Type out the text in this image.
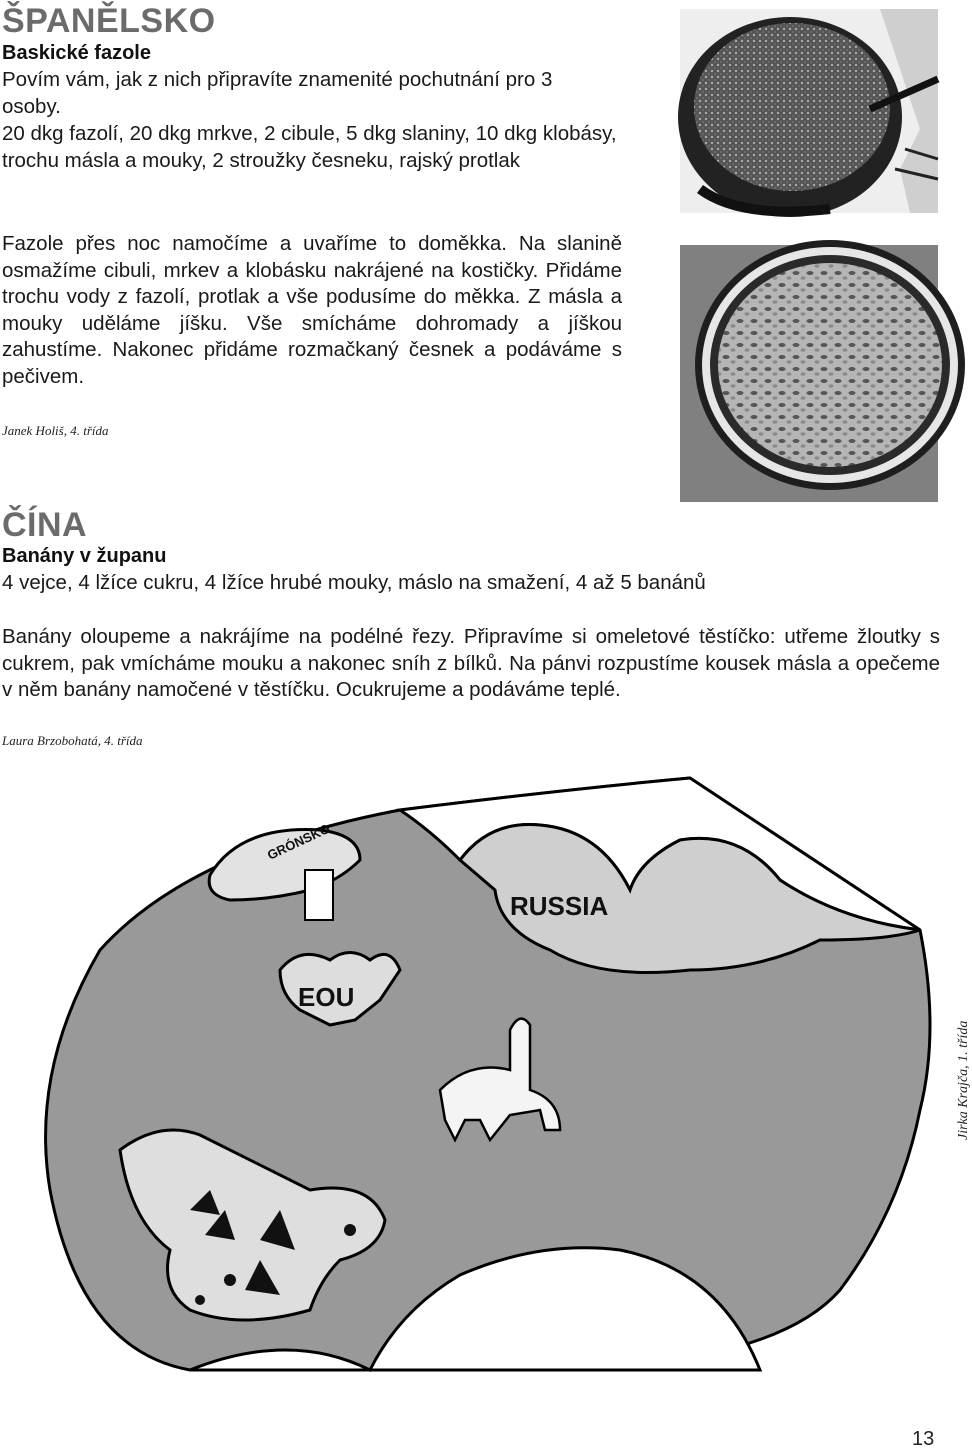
ŠPANĚLSKO
Baskické fazole
Povím vám, jak z nich připravíte znamenité pochutnání pro 3 osoby.
20 dkg fazolí, 20 dkg mrkve, 2 cibule, 5 dkg slaniny, 10 dkg klobásy, trochu másla a mouky, 2 stroužky česneku, rajský protlak
Fazole přes noc namočíme a uvaříme to doměkka. Na slanině osmažíme cibuli, mrkev a klobásku nakrájené na kostičky. Přidáme trochu vody z fazolí, protlak a vše podusíme do měkka. Z másla a mouky uděláme jíšku. Vše smícháme dohromady a jíškou zahustíme. Nakonec přidáme rozmačkaný česnek a podáváme s pečivem.
Janek Holiš, 4. třída
ČÍNA
Banány v županu
4 vejce, 4 lžíce cukru, 4 lžíce hrubé mouky, máslo na smažení, 4 až 5 banánů
Banány oloupeme a nakrájíme na podélné řezy. Připravíme si omeletové těstíčko: utřeme žloutky s cukrem, pak vmícháme mouku a nakonec sníh z bílků. Na pánvi rozpustíme kousek másla a opečeme v něm banány namočené v těstíčku. Ocukrujeme a podáváme teplé.
Laura Brzobohatá, 4. třída
RUSSIA
GRÓNSKO
EOU
Jirka Krajča, 1. třída
13
